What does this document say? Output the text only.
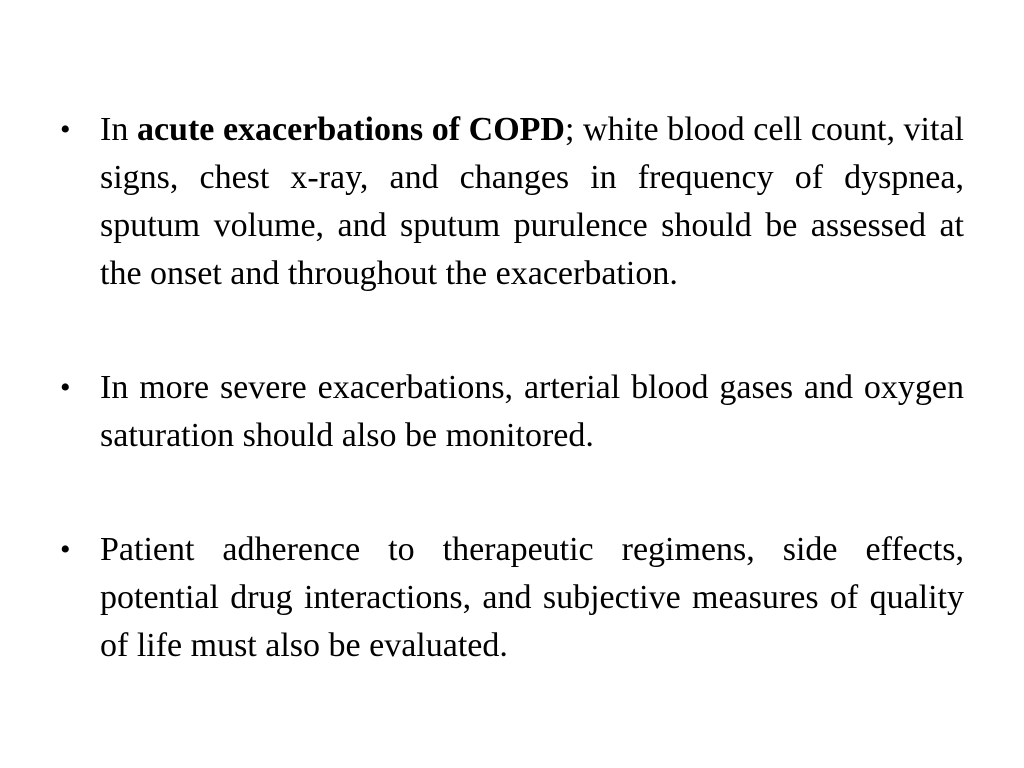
• In acute exacerbations of COPD; white blood cell count, vital signs, chest x-ray, and changes in frequency of dyspnea, sputum volume, and sputum purulence should be assessed at the onset and throughout the exacerbation.
• In more severe exacerbations, arterial blood gases and oxygen saturation should also be monitored.
• Patient adherence to therapeutic regimens, side effects, potential drug interactions, and subjective measures of quality of life must also be evaluated.
